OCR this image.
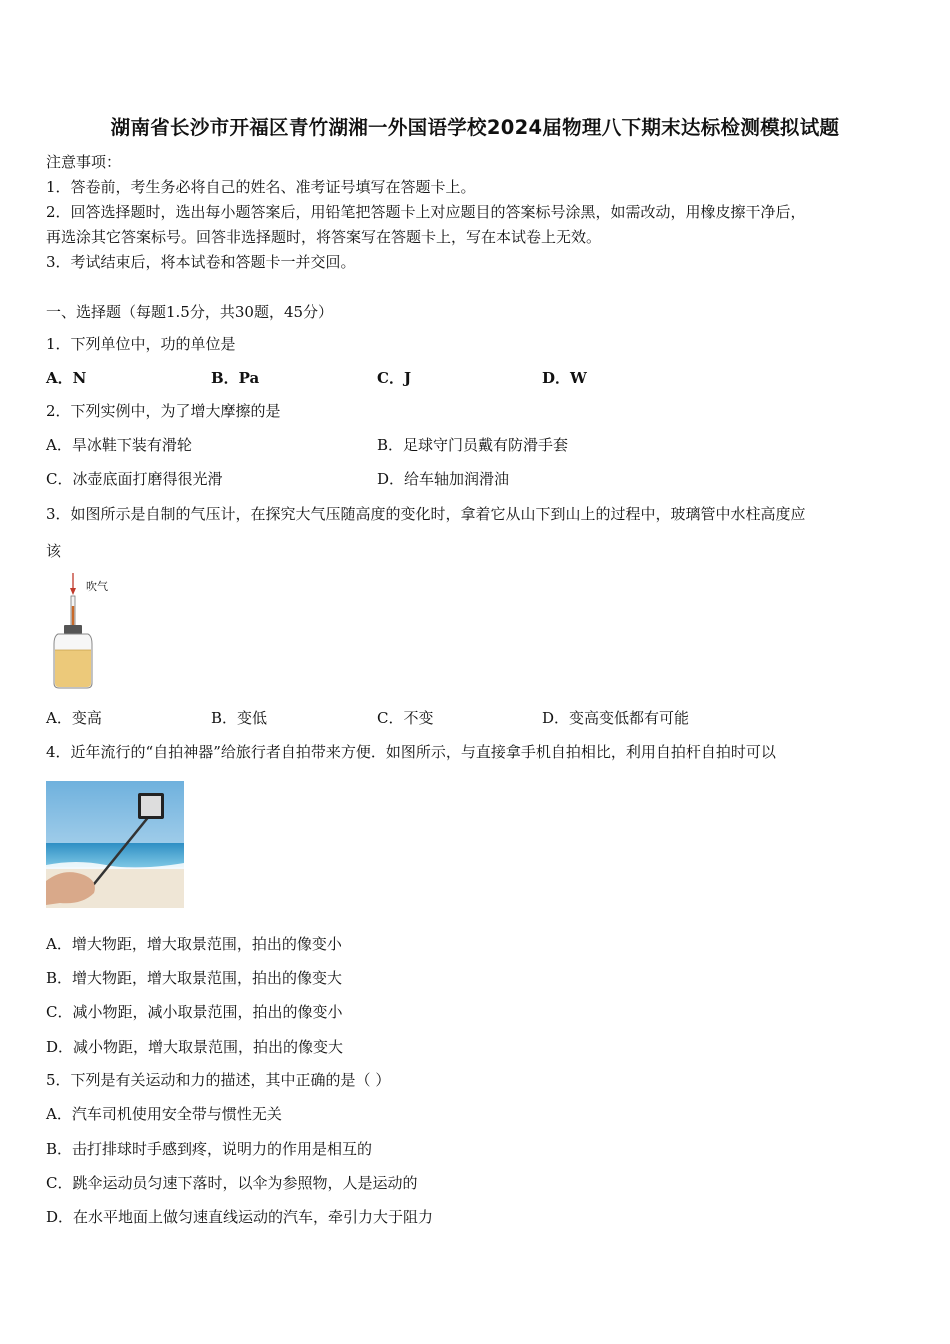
湖南省长沙市开福区青竹湖湘一外国语学校2024届物理八下期末达标检测模拟试题
注意事项：
1．答卷前，考生务必将自己的姓名、准考证号填写在答题卡上。
2．回答选择题时，选出每小题答案后，用铅笔把答题卡上对应题目的答案标号涂黑，如需改动，用橡皮擦干净后，
再选涂其它答案标号。回答非选择题时，将答案写在答题卡上，写在本试卷上无效。
3．考试结束后，将本试卷和答题卡一并交回。
一、选择题（每题1.5分，共30题，45分）
1．下列单位中，功的单位是
A．N	B．Pa	C．J	D．W
2．下列实例中，为了增大摩擦的是
A．旱冰鞋下装有滑轮	B．足球守门员戴有防滑手套
C．冰壶底面打磨得很光滑	D．给车轴加润滑油
3．如图所示是自制的气压计，在探究大气压随高度的变化时，拿着它从山下到山上的过程中，玻璃管中水柱高度应
该
吹气
A．变高	B．变低	C．不变	D．变高变低都有可能
4．近年流行的“自拍神器”给旅行者自拍带来方便．如图所示，与直接拿手机自拍相比，利用自拍杆自拍时可以
A．增大物距，增大取景范围，拍出的像变小
B．增大物距，增大取景范围，拍出的像变大
C．减小物距，减小取景范围，拍出的像变小
D．减小物距，增大取景范围，拍出的像变大
5．下列是有关运动和力的描述，其中正确的是（ ）
A．汽车司机使用安全带与惯性无关
B．击打排球时手感到疼，说明力的作用是相互的
C．跳伞运动员匀速下落时，以伞为参照物，人是运动的
D．在水平地面上做匀速直线运动的汽车，牵引力大于阻力
